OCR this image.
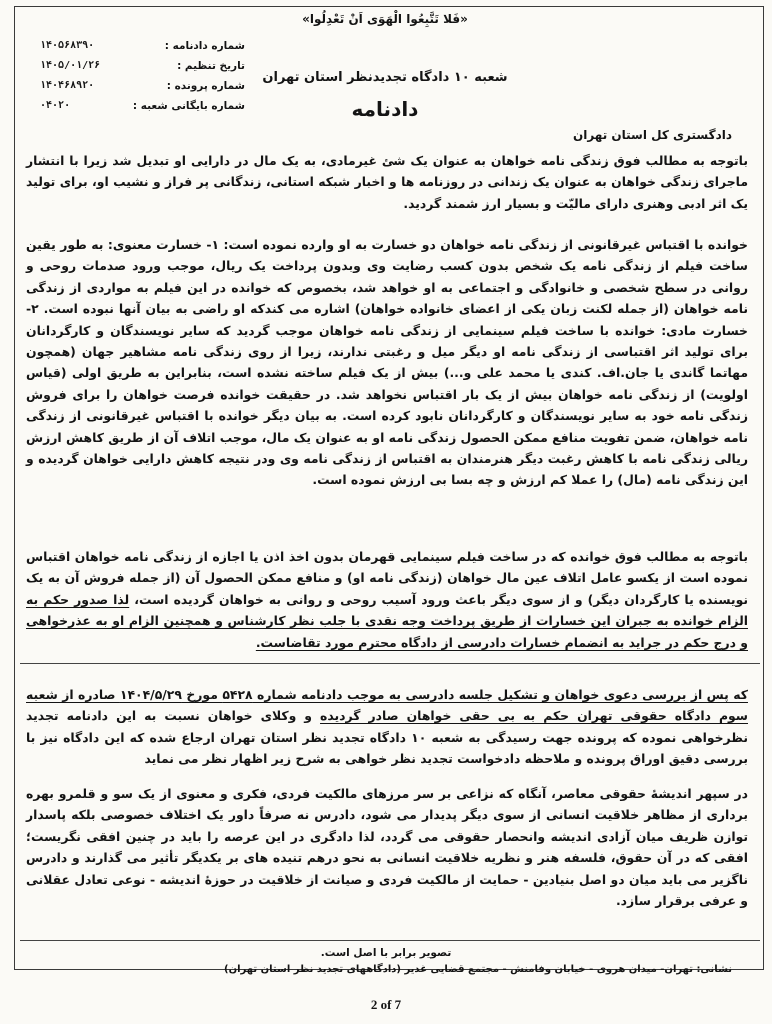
«فَلا تَتَّبِعُوا الْهَوَى اَنْ تَعْدِلُوا»
شعبه ۱۰ دادگاه تجدیدنظر استان تهران
دادنامه
شماره دادنامه :
۱۴۰۵۶۸۳۹۰
تاریخ تنظیم :
۱۴۰۵/۰۱/۲۶
شماره پرونده :
۱۴۰۴۶۸۹۲۰
شماره بایگانی شعبه :
۰۴۰۲۰
دادگستری کل استان تهران
باتوجه به مطالب فوق زندگی نامه خواهان به عنوان یک شئ غیرمادی، به یک مال در دارایی او تبدیل شد زیرا با انتشار ماجرای زندگی خواهان به عنوان یک زندانی در روزنامه ها و اخبار شبکه استانی، زندگانی پر فراز و نشیب او، برای تولید یک اثر ادبی وهنری دارای مالیّت و بسیار ارز شمند گردید.
خوانده با اقتباس غیرقانونی از زندگی نامه خواهان دو خسارت به او وارده نموده است: ۱- خسارت معنوی: به طور یقین ساخت فیلم از زندگی نامه یک شخص بدون کسب رضایت وی وبدون پرداخت یک ریال، موجب ورود صدمات روحی و روانی در سطح شخصی و خانوادگی و اجتماعی به او خواهد شد، بخصوص که خوانده در این فیلم به مواردی از زندگی نامه خواهان (از جمله لکنت زبان یکی از اعضای خانواده خواهان) اشاره می کندکه او راضی به بیان آنها نبوده است. ۲- خسارت مادی: خوانده با ساخت فیلم سینمایی از زندگی نامه خواهان موجب گردید که سایر نویسندگان و کارگردانان برای تولید اثر اقتباسی از زندگی نامه او دیگر میل و رغبتی ندارند، زیرا از روی زندگی نامه مشاهیر جهان (همچون مهاتما گاندی یا جان.اف. کندی یا محمد علی و...) بیش از یک فیلم ساخته نشده است، بنابراین به طریق اولی (قیاس اولویت) از زندگی نامه خواهان بیش از یک بار اقتباس نخواهد شد. در حقیقت خوانده فرصت خواهان را برای فروش زندگی نامه خود به سایر نویسندگان و کارگردانان نابود کرده است. به بیان دیگر خوانده با اقتباس غیرقانونی از زندگی نامه خواهان، ضمن تفویت منافع ممکن الحصول زندگی نامه او به عنوان یک مال، موجب اتلاف آن از طریق کاهش ارزش ریالی زندگی نامه با کاهش رغبت دیگر هنرمندان به اقتباس از زندگی نامه وی ودر نتیجه کاهش دارایی خواهان گردیده و این زندگی نامه (مال) را عملا کم ارزش و چه بسا بی ارزش نموده است.
باتوجه به مطالب فوق خوانده که در ساخت فیلم سینمایی قهرمان بدون اخذ اذن یا اجازه از زندگی نامه خواهان اقتباس نموده است از یکسو عامل اتلاف عین مال خواهان (زندگی نامه او) و منافع ممکن الحصول آن (از جمله فروش آن به یک نویسنده یا کارگردان دیگر) و از سوی دیگر باعث ورود آسیب روحی و روانی به خواهان گردیده است، لذا صدور حکم به الزام خوانده به جبران این خسارات از طریق پرداخت وجه نقدی با جلب نظر کارشناس و همچنین الزام او به عذرخواهی و درج حکم در جراید به انضمام خسارات دادرسی از دادگاه محترم مورد تقاضاست.
که پس از بررسی دعوی خواهان و تشکیل جلسه دادرسی به موجب دادنامه شماره ۵۴۲۸ مورخ ۱۴۰۴/۵/۲۹ صادره از شعبه سوم دادگاه حقوقی تهران حکم به بی حقی خواهان صادر گردیده و وکلای خواهان نسبت به این دادنامه تجدید نظرخواهی نموده که پرونده جهت رسیدگی به شعبه ۱۰ دادگاه تجدید نظر استان تهران ارجاع شده که این دادگاه نیز با بررسی دقیق اوراق پرونده و ملاحظه دادخواست تجدید نظر خواهی به شرح زیر اظهار نظر می نماید
در سپهر اندیشهٔ حقوقی معاصر، آنگاه که نزاعی بر سر مرزهای مالکیت فردی، فکری و معنوی از یک سو و قلمرو بهره برداری از مظاهر خلاقیت انسانی از سوی دیگر پدیدار می شود، دادرس نه صرفاً داور یک اختلاف خصوصی بلکه پاسدار توازن ظریف میان آزادی اندیشه وانحصار حقوقی می گردد، لذا دادگری در این عرصه را باید در چنین افقی نگریست؛ افقی که در آن حقوق، فلسفه هنر و نظریه خلاقیت انسانی به نحو درهم تنیده های بر یکدیگر تأثیر می گذارند و دادرس ناگزیر می باید میان دو اصل بنیادین - حمایت از مالکیت فردی و صیانت از خلاقیت در حوزهٔ اندیشه - نوعی تعادل عقلانی و عرفی برقرار سازد.
تصویر برابر با اصل است.
نشانی: تهران- میدان هروی - خیابان وفامنش - مجتمع قضایی غدیر (دادگاههای تجدید نظر استان تهران)
2 of 7
